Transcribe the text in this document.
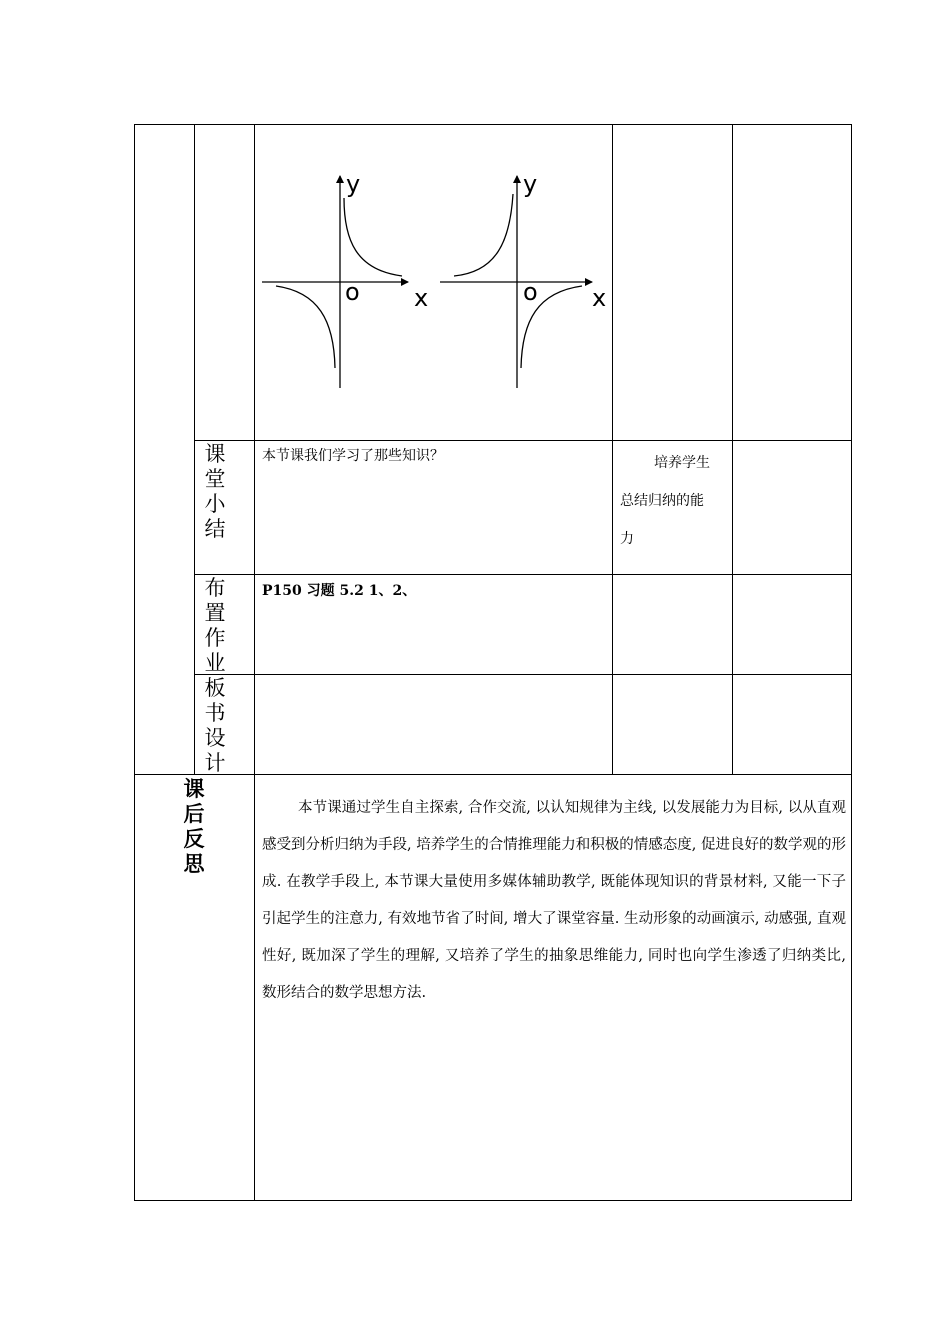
y
x
o
y
x
o
课
堂
小
结
本节课我们学习了那些知识？	培养学生
总结归纳的能
力
布
置
作
业
P150 习题 5.2 1、2、
板
书
设
计
课
后
反
思
本节课通过学生自主探索, 合作交流, 以认知规律为主线, 以发展能力为目标, 以从直观感受到分析归纳为手段, 培养学生的合情推理能力和积极的情感态度, 促进良好的数学观的形成. 在教学手段上, 本节课大量使用多媒体辅助教学, 既能体现知识的背景材料, 又能一下子引起学生的注意力, 有效地节省了时间, 增大了课堂容量. 生动形象的动画演示, 动感强, 直观性好, 既加深了学生的理解, 又培养了学生的抽象思维能力, 同时也向学生渗透了归纳类比, 数形结合的数学思想方法.
